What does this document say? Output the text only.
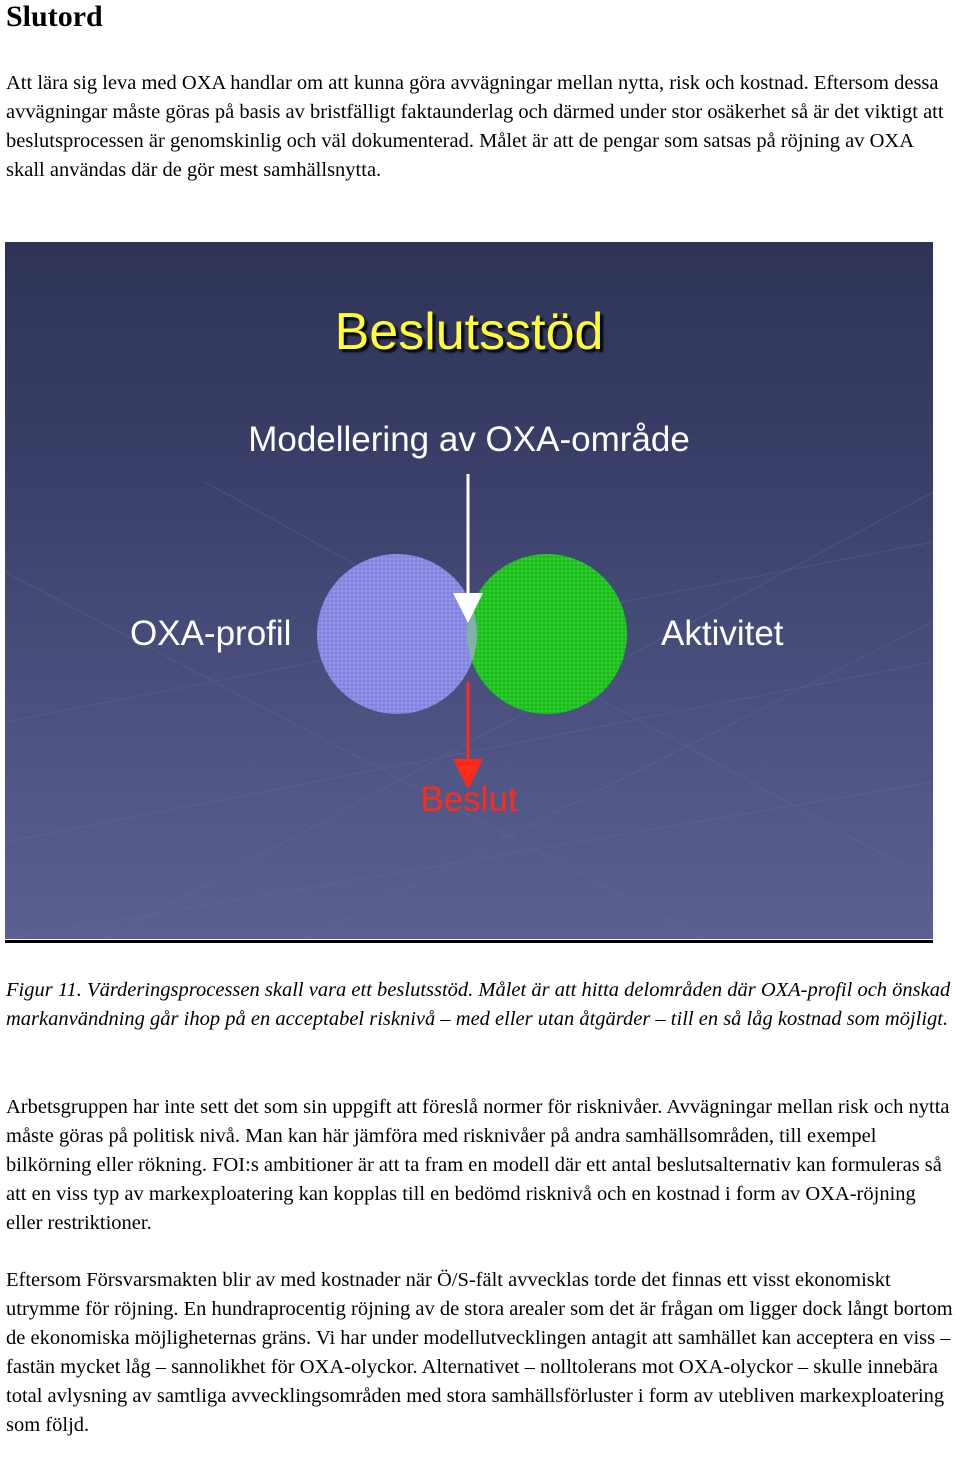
Slutord

Att lära sig leva med OXA handlar om att kunna göra avvägningar mellan nytta, risk och kostnad. Eftersom dessa avvägningar måste göras på basis av bristfälligt faktaunderlag och därmed under stor osäkerhet så är det viktigt att beslutsprocessen är genomskinlig och väl dokumenterad. Målet är att de pengar som satsas på röjning av OXA skall användas där de gör mest samhällsnytta.

Beslutsstöd
Modellering av OXA-område
OXA-profil	Aktivitet
Beslut

Figur 11. Värderingsprocessen skall vara ett beslutsstöd. Målet är att hitta delområden där OXA-profil och önskad markanvändning går ihop på en acceptabel risknivå – med eller utan åtgärder – till en så låg kostnad som möjligt.

Arbetsgruppen har inte sett det som sin uppgift att föreslå normer för risknivåer. Avvägningar mellan risk och nytta måste göras på politisk nivå. Man kan här jämföra med risknivåer på andra samhällsområden, till exempel bilkörning eller rökning. FOI:s ambitioner är att ta fram en modell där ett antal beslutsalternativ kan formuleras så att en viss typ av markexploatering kan kopplas till en bedömd risknivå och en kostnad i form av OXA-röjning eller restriktioner.

Eftersom Försvarsmakten blir av med kostnader när Ö/S-fält avvecklas torde det finnas ett visst ekonomiskt utrymme för röjning. En hundraprocentig röjning av de stora arealer som det är frågan om ligger dock långt bortom de ekonomiska möjligheternas gräns. Vi har under modellutvecklingen antagit att samhället kan acceptera en viss – fastän mycket låg – sannolikhet för OXA-olyckor. Alternativet – nolltolerans mot OXA-olyckor – skulle innebära total avlysning av samtliga avvecklingsområden med stora samhällsförluster i form av utebliven markexploatering som följd.
